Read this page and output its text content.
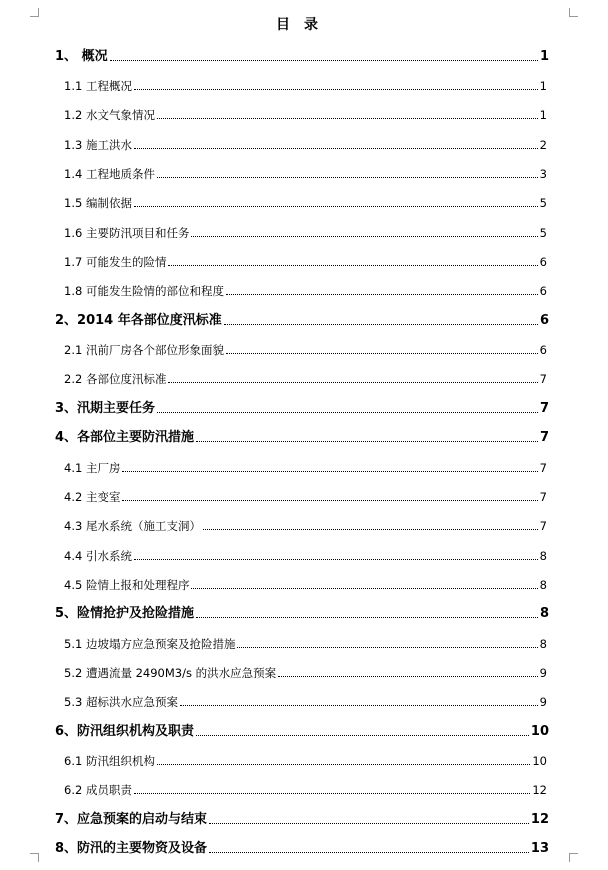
目录
1、 概况	1
1.1 工程概况	1
1.2 水文气象情况	1
1.3 施工洪水	2
1.4 工程地质条件	3
1.5 编制依据	5
1.6 主要防汛项目和任务	5
1.7 可能发生的险情	6
1.8 可能发生险情的部位和程度	6
2、2014 年各部位度汛标准	6
2.1 汛前厂房各个部位形象面貌	6
2.2 各部位度汛标准	7
3、汛期主要任务	7
4、各部位主要防汛措施	7
4.1 主厂房	7
4.2 主变室	7
4.3 尾水系统（施工支洞）	7
4.4 引水系统	8
4.5 险情上报和处理程序	8
5、险情抢护及抢险措施	8
5.1 边坡塌方应急预案及抢险措施	8
5.2 遭遇流量 2490M3/s 的洪水应急预案	9
5.3 超标洪水应急预案	9
6、防汛组织机构及职责	10
6.1 防汛组织机构	10
6.2 成员职责	12
7、应急预案的启动与结束	12
8、防汛的主要物资及设备	13
